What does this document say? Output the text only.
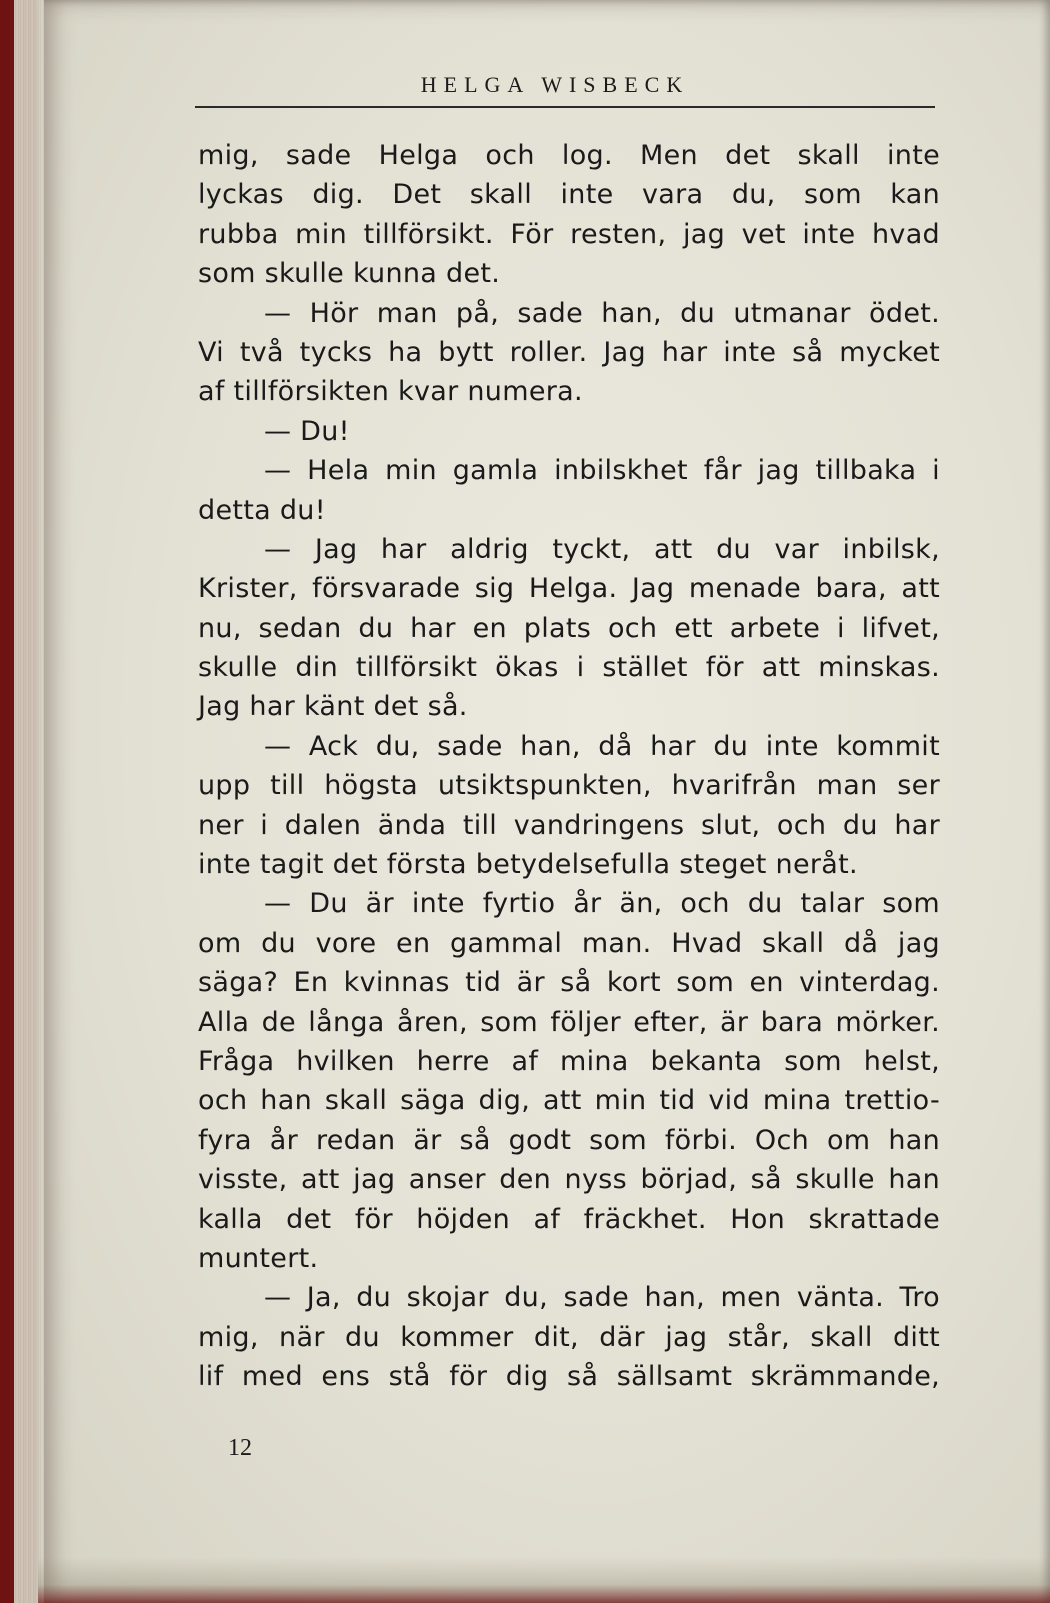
HELGA WISBECK
mig, sade Helga och log. Men det skall inte
lyckas dig. Det skall inte vara du, som kan
rubba min tillförsikt. För resten, jag vet inte hvad
som skulle kunna det.
— Hör man på, sade han, du utmanar ödet.
Vi två tycks ha bytt roller. Jag har inte så mycket
af tillförsikten kvar numera.
— Du!
— Hela min gamla inbilskhet får jag tillbaka i
detta du!
— Jag har aldrig tyckt, att du var inbilsk,
Krister, försvarade sig Helga. Jag menade bara, att
nu, sedan du har en plats och ett arbete i lifvet,
skulle din tillförsikt ökas i stället för att minskas.
Jag har känt det så.
— Ack du, sade han, då har du inte kommit
upp till högsta utsiktspunkten, hvarifrån man ser
ner i dalen ända till vandringens slut, och du har
inte tagit det första betydelsefulla steget neråt.
— Du är inte fyrtio år än, och du talar som
om du vore en gammal man. Hvad skall då jag
säga? En kvinnas tid är så kort som en vinterdag.
Alla de långa åren, som följer efter, är bara mörker.
Fråga hvilken herre af mina bekanta som helst,
och han skall säga dig, att min tid vid mina trettio-
fyra år redan är så godt som förbi. Och om han
visste, att jag anser den nyss börjad, så skulle han
kalla det för höjden af fräckhet. Hon skrattade
muntert.
— Ja, du skojar du, sade han, men vänta. Tro
mig, när du kommer dit, där jag står, skall ditt
lif med ens stå för dig så sällsamt skrämmande,
12
